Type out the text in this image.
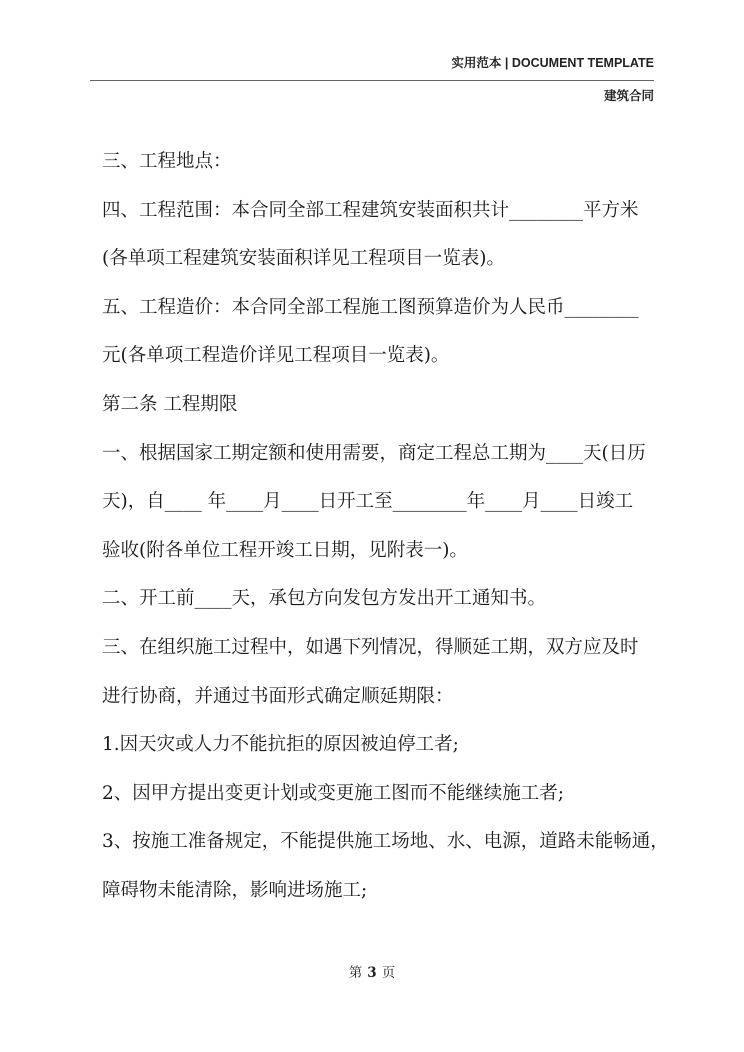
实用范本 | DOCUMENT TEMPLATE
建筑合同

三、工程地点：

四、工程范围：本合同全部工程建筑安装面积共计________平方米

(各单项工程建筑安装面积详见工程项目一览表)。

五、工程造价：本合同全部工程施工图预算造价为人民币________

元(各单项工程造价详见工程项目一览表)。

第二条 工程期限

一、根据国家工期定额和使用需要，商定工程总工期为____天(日历

天)，自____ 年____月____日开工至________年____月____日竣工

验收(附各单位工程开竣工日期，见附表一)。

二、开工前____天，承包方向发包方发出开工通知书。

三、在组织施工过程中，如遇下列情况，得顺延工期，双方应及时

进行协商，并通过书面形式确定顺延期限：

1.因天灾或人力不能抗拒的原因被迫停工者;

2、因甲方提出变更计划或变更施工图而不能继续施工者;

3、按施工准备规定，不能提供施工场地、水、电源，道路未能畅通，

障碍物未能清除，影响进场施工;

第 3 页
